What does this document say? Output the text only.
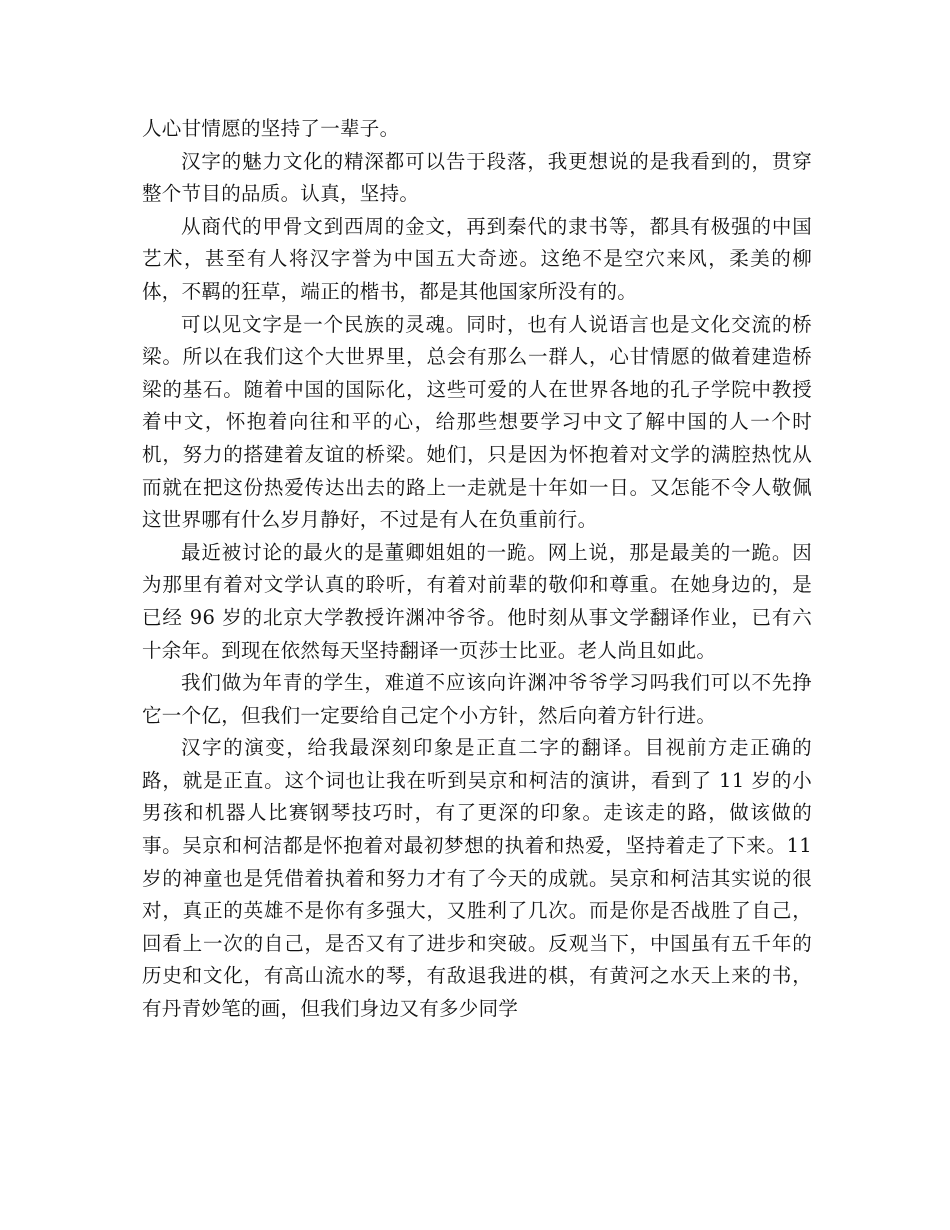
人心甘情愿的坚持了一辈子。

汉字的魅力文化的精深都可以告于段落，我更想说的是我看到的，贯穿整个节目的品质。认真，坚持。

从商代的甲骨文到西周的金文，再到秦代的隶书等，都具有极强的中国艺术，甚至有人将汉字誉为中国五大奇迹。这绝不是空穴来风，柔美的柳体，不羁的狂草，端正的楷书，都是其他国家所没有的。

可以见文字是一个民族的灵魂。同时，也有人说语言也是文化交流的桥梁。所以在我们这个大世界里，总会有那么一群人，心甘情愿的做着建造桥梁的基石。随着中国的国际化，这些可爱的人在世界各地的孔子学院中教授着中文，怀抱着向往和平的心，给那些想要学习中文了解中国的人一个时机，努力的搭建着友谊的桥梁。她们，只是因为怀抱着对文学的满腔热忱从而就在把这份热爱传达出去的路上一走就是十年如一日。又怎能不令人敬佩这世界哪有什么岁月静好，不过是有人在负重前行。

最近被讨论的最火的是董卿姐姐的一跪。网上说，那是最美的一跪。因为那里有着对文学认真的聆听，有着对前辈的敬仰和尊重。在她身边的，是已经 96 岁的北京大学教授许渊冲爷爷。他时刻从事文学翻译作业，已有六十余年。到现在依然每天坚持翻译一页莎士比亚。老人尚且如此。

我们做为年青的学生，难道不应该向许渊冲爷爷学习吗我们可以不先挣它一个亿，但我们一定要给自己定个小方针，然后向着方针行进。

汉字的演变，给我最深刻印象是正直二字的翻译。目视前方走正确的路，就是正直。这个词也让我在听到吴京和柯洁的演讲，看到了 11 岁的小男孩和机器人比赛钢琴技巧时，有了更深的印象。走该走的路，做该做的事。吴京和柯洁都是怀抱着对最初梦想的执着和热爱，坚持着走了下来。11 岁的神童也是凭借着执着和努力才有了今天的成就。吴京和柯洁其实说的很对，真正的英雄不是你有多强大，又胜利了几次。而是你是否战胜了自己，回看上一次的自己，是否又有了进步和突破。反观当下，中国虽有五千年的历史和文化，有高山流水的琴，有敌退我进的棋，有黄河之水天上来的书，有丹青妙笔的画，但我们身边又有多少同学
